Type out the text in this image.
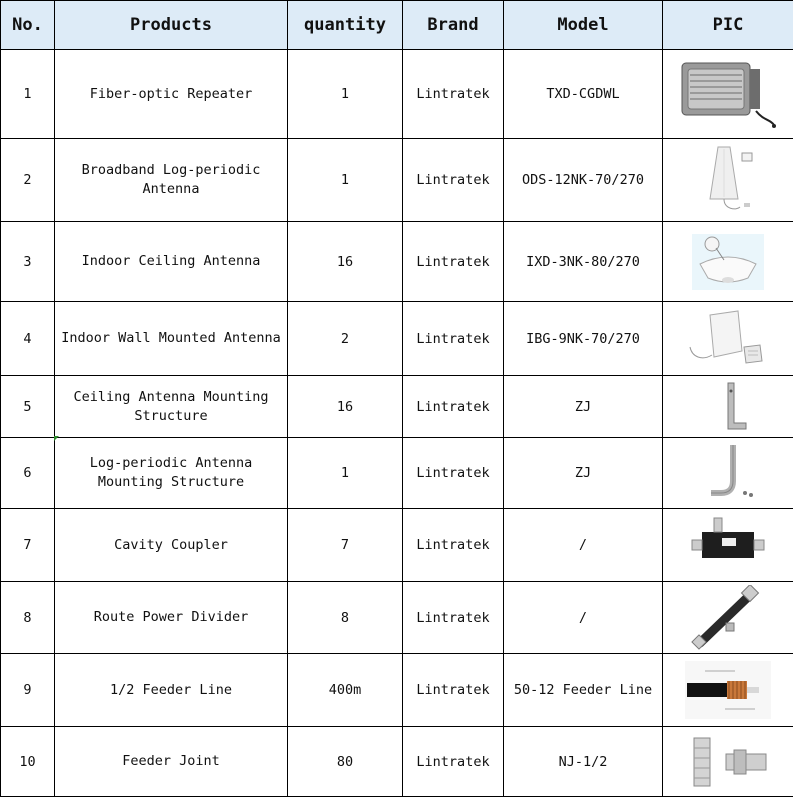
No.	Products	quantity	Brand	Model	PIC
1	Fiber-optic Repeater	1	Lintratek	TXD-CGDWL	

2	Broadband Log-periodic Antenna	1	Lintratek	ODS-12NK-70/270	

3	Indoor Ceiling Antenna	16	Lintratek	IXD-3NK-80/270	

4	Indoor Wall Mounted Antenna	2	Lintratek	IBG-9NK-70/270	

5	Ceiling Antenna Mounting Structure	16	Lintratek	ZJ	

6	Log-periodic Antenna Mounting Structure	1	Lintratek	ZJ	

7	Cavity Coupler	7	Lintratek	/	

8	Route Power Divider	8	Lintratek	/	

9	1/2 Feeder Line	400m	Lintratek	50-12 Feeder Line	

10	Feeder Joint	80	Lintratek	NJ-1/2	
